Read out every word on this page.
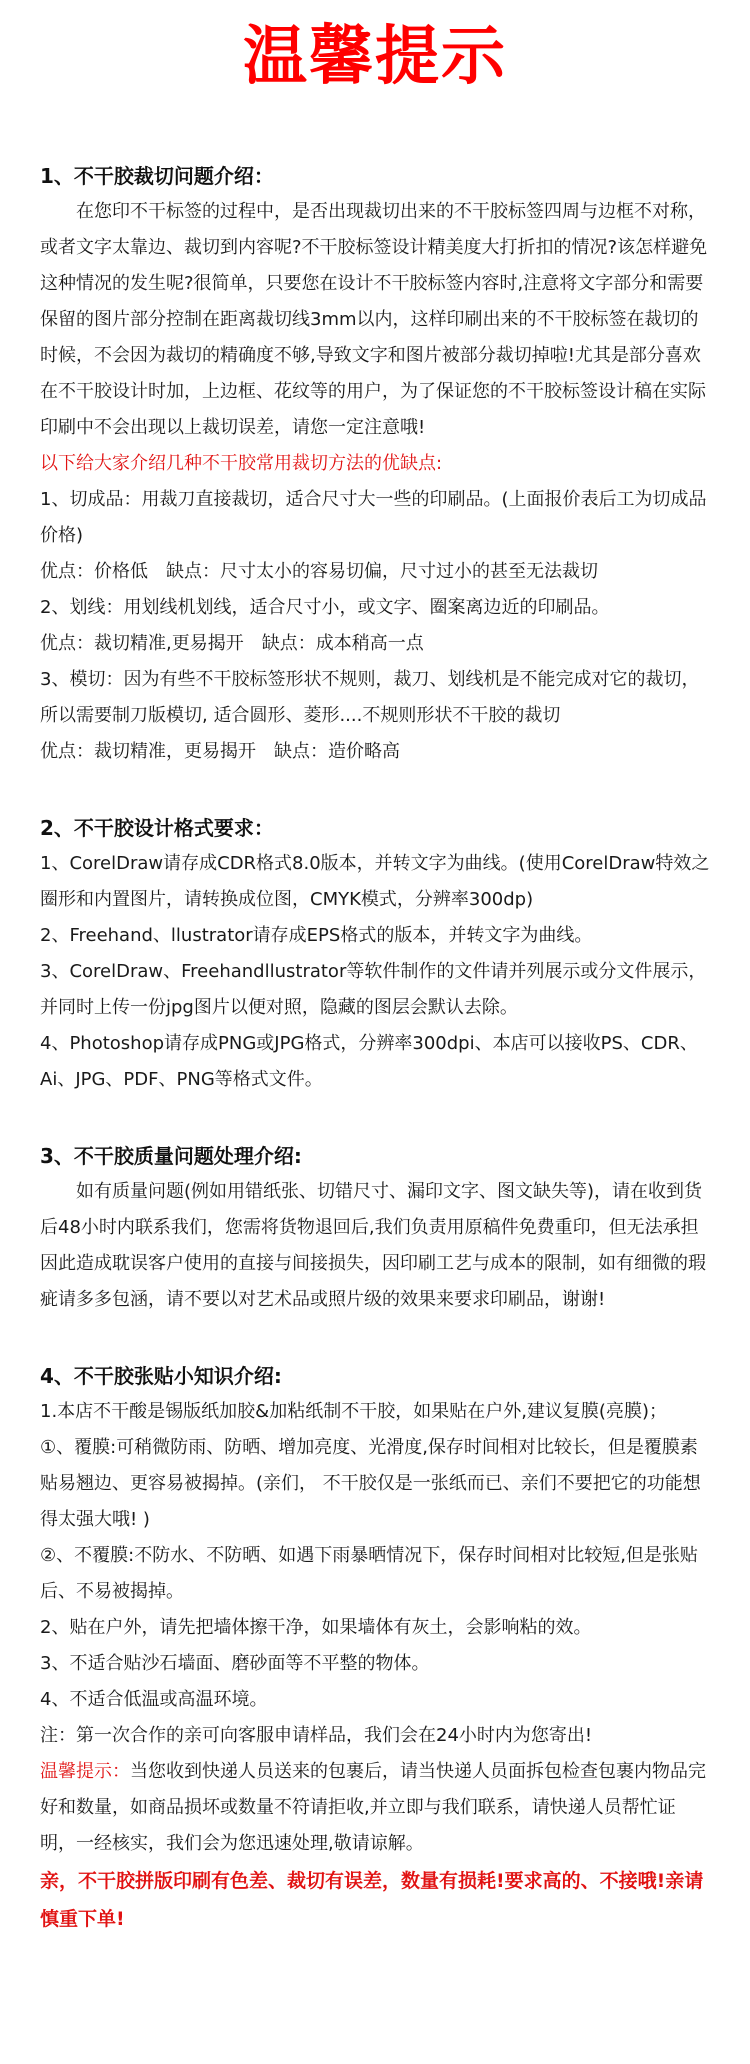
温馨提示

1、不干胶裁切问题介绍：

在您印不干标签的过程中，是否出现裁切出来的不干胶标签四周与边框不对称，或者文字太靠边、裁切到内容呢?不干胶标签设计精美度大打折扣的情况?该怎样避免这种情况的发生呢?很简单，只要您在设计不干胶标签内容时,注意将文字部分和需要保留的图片部分控制在距离裁切线3mm以内，这样印刷出来的不干胶标签在裁切的时候，不会因为裁切的精确度不够,导致文字和图片被部分裁切掉啦!尤其是部分喜欢在不干胶设计时加，上边框、花纹等的用户，为了保证您的不干胶标签设计稿在实际印刷中不会出现以上裁切误差，请您一定注意哦!

以下给大家介绍几种不干胶常用裁切方法的优缺点:

1、切成品：用裁刀直接裁切，适合尺寸大一些的印刷品。(上面报价表后工为切成品价格)

优点：价格低　缺点：尺寸太小的容易切偏，尺寸过小的甚至无法裁切

2、划线：用划线机划线，适合尺寸小，或文字、圈案离边近的印刷品。

优点：裁切精准,更易揭开　缺点：成本稍高一点

3、模切：因为有些不干胶标签形状不规则，裁刀、划线机是不能完成对它的裁切，所以需要制刀版模切, 适合圆形、菱形....不规则形状不干胶的裁切

优点：裁切精准，更易揭开　缺点：造价略高

2、不干胶设计格式要求：

1、CorelDraw请存成CDR格式8.0版本，并转文字为曲线。(使用CorelDraw特效之圈形和内置图片，请转换成位图，CMYK模式，分辨率300dp)

2、Freehand、llustrator请存成EPS格式的版本，并转文字为曲线。

3、CorelDraw、Freehandllustrator等软件制作的文件请并列展示或分文件展示，并同时上传一份jpg图片以便对照，隐藏的图层会默认去除。

4、Photoshop请存成PNG或JPG格式，分辨率300dpi、本店可以接收PS、CDR、Ai、JPG、PDF、PNG等格式文件。

3、不干胶质量问题处理介绍:

如有质量问题(例如用错纸张、切错尺寸、漏印文字、图文缺失等)，请在收到货后48小时内联系我们，您需将货物退回后,我们负责用原稿件免费重印，但无法承担因此造成耽误客户使用的直接与间接损失，因印刷工艺与成本的限制，如有细微的瑕疵请多多包涵，请不要以对艺术品或照片级的效果来要求印刷品，谢谢!

4、不干胶张贴小知识介绍:

1.本店不干酸是锡版纸加胶&加粘纸制不干胶，如果贴在户外,建议复膜(亮膜)；

①、覆膜:可稍微防雨、防晒、增加亮度、光滑度,保存时间相对比较长，但是覆膜素贴易翘边、更容易被揭掉。(亲们， 不干胶仅是一张纸而已、亲们不要把它的功能想得太强大哦! )

②、不覆膜:不防水、不防晒、如遇下雨暴晒情况下，保存时间相对比较短,但是张贴后、不易被揭掉。

2、贴在户外，请先把墙体擦干净，如果墙体有灰土，会影响粘的效。

3、不适合贴沙石墙面、磨砂面等不平整的物体。

4、不适合低温或高温环境。

注：第一次合作的亲可向客服申请样品，我们会在24小时内为您寄出!

温馨提示：当您收到快递人员送来的包裹后，请当快递人员面拆包检查包裹内物品完好和数量，如商品损坏或数量不符请拒收,并立即与我们联系，请快递人员帮忙证明，一经核实，我们会为您迅速处理,敬请谅解。

亲，不干胶拼版印刷有色差、裁切有误差，数量有损耗!要求高的、不接哦!亲请慎重下单!
